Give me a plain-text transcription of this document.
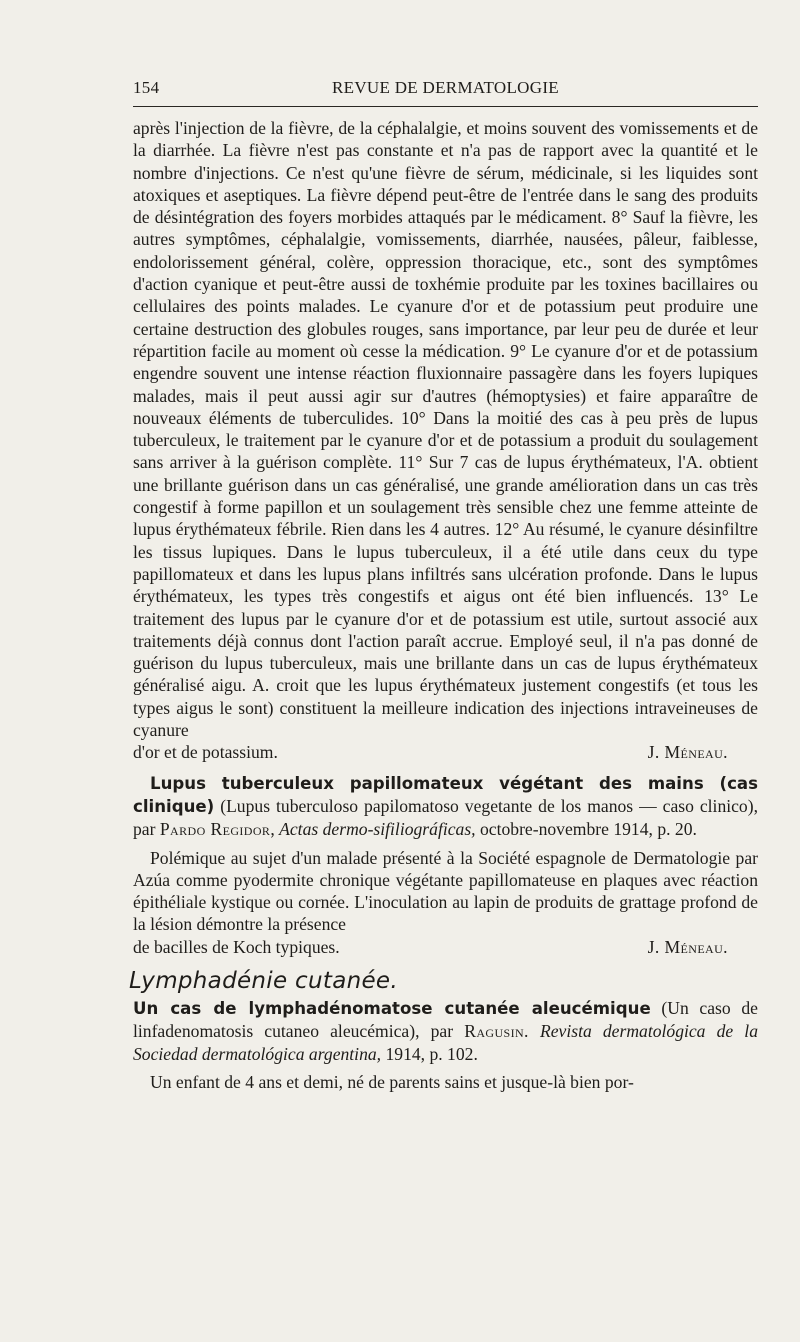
154	REVUE DE DERMATOLOGIE

après l'injection de la fièvre, de la céphalalgie, et moins souvent des vomissements et de la diarrhée. La fièvre n'est pas constante et n'a pas de rapport avec la quantité et le nombre d'injections. Ce n'est qu'une fièvre de sérum, médicinale, si les liquides sont atoxiques et aseptiques. La fièvre dépend peut-être de l'entrée dans le sang des produits de désintégration des foyers morbides attaqués par le médicament. 8° Sauf la fièvre, les autres symptômes, céphalalgie, vomissements, diarrhée, nausées, pâleur, faiblesse, endolorissement général, colère, oppression thoracique, etc., sont des symptômes d'action cyanique et peut-être aussi de toxhémie produite par les toxines bacillaires ou cellulaires des points malades. Le cyanure d'or et de potassium peut produire une certaine destruction des globules rouges, sans importance, par leur peu de durée et leur répartition facile au moment où cesse la médication. 9° Le cyanure d'or et de potassium engendre souvent une intense réaction fluxionnaire passagère dans les foyers lupiques malades, mais il peut aussi agir sur d'autres (hémoptysies) et faire apparaître de nouveaux éléments de tuberculides. 10° Dans la moitié des cas à peu près de lupus tuberculeux, le traitement par le cyanure d'or et de potassium a produit du soulagement sans arriver à la guérison complète. 11° Sur 7 cas de lupus érythémateux, l'A. obtient une brillante guérison dans un cas généralisé, une grande amélioration dans un cas très congestif à forme papillon et un soulagement très sensible chez une femme atteinte de lupus érythémateux fébrile. Rien dans les 4 autres. 12° Au résumé, le cyanure désinfiltre les tissus lupiques. Dans le lupus tuberculeux, il a été utile dans ceux du type papillomateux et dans les lupus plans infiltrés sans ulcération profonde. Dans le lupus érythémateux, les types très congestifs et aigus ont été bien influencés. 13° Le traitement des lupus par le cyanure d'or et de potassium est utile, surtout associé aux traitements déjà connus dont l'action paraît accrue. Employé seul, il n'a pas donné de guérison du lupus tuberculeux, mais une brillante dans un cas de lupus érythémateux généralisé aigu. A. croit que les lupus érythémateux justement congestifs (et tous les types aigus le sont) constituent la meilleure indication des injections intraveineuses de cyanure

d'or et de potassium.	J. Méneau.

Lupus tuberculeux papillomateux végétant des mains (cas clinique) (Lupus tuberculoso papilomatoso vegetante de los manos — caso clinico), par Pardo Regidor, Actas dermo-sifiliográficas, octobre-novembre 1914, p. 20.

Polémique au sujet d'un malade présenté à la Société espagnole de Dermatologie par Azúa comme pyodermite chronique végétante papillomateuse en plaques avec réaction épithéliale kystique ou cornée. L'inoculation au lapin de produits de grattage profond de la lésion démontre la présence

de bacilles de Koch typiques.	J. Méneau.
Lymphadénie cutanée.

Un cas de lymphadénomatose cutanée aleucémique (Un caso de linfadenomatosis cutaneo aleucémica), par Ragusin. Revista dermatológica de la Sociedad dermatológica argentina, 1914, p. 102.

Un enfant de 4 ans et demi, né de parents sains et jusque-là bien por-
